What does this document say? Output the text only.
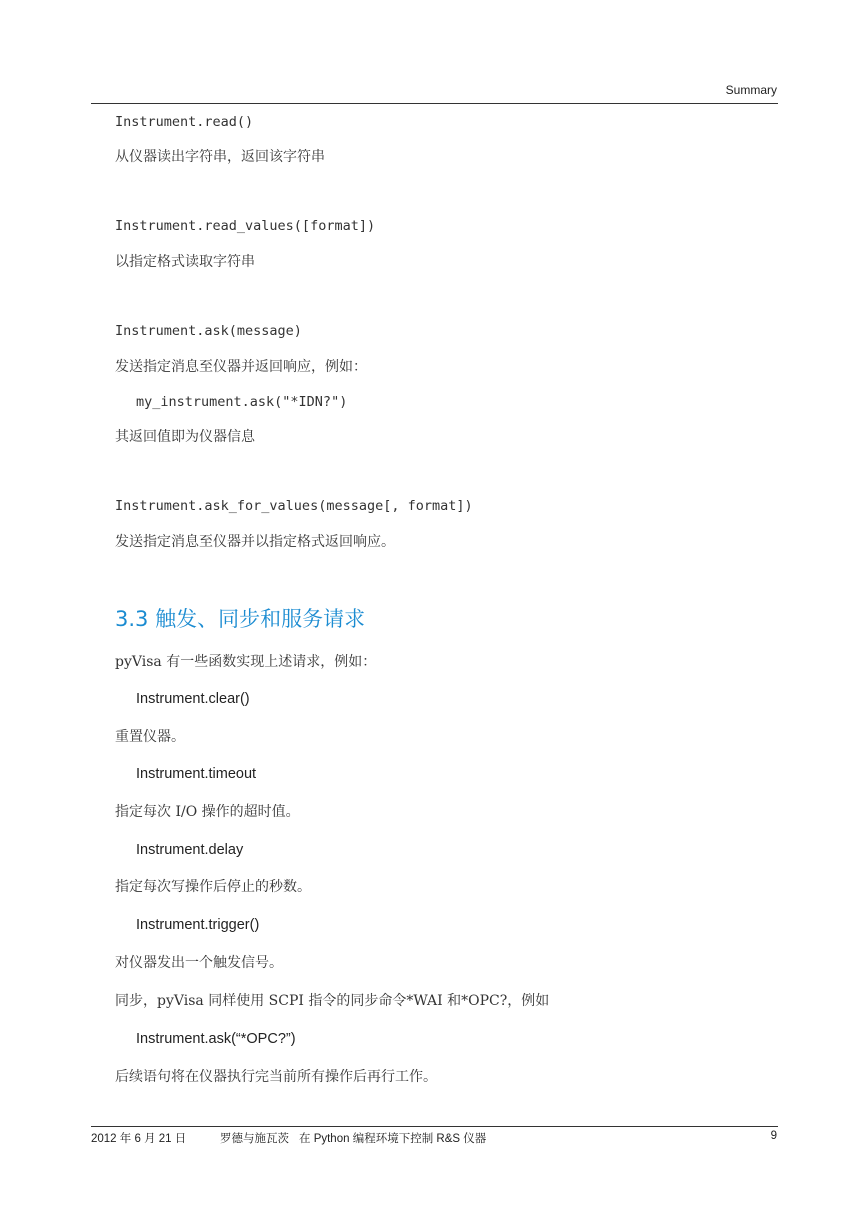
Summary
Instrument.read()
从仪器读出字符串，返回该字符串
Instrument.read_values([format])
以指定格式读取字符串
Instrument.ask(message)
发送指定消息至仪器并返回响应，例如：
my_instrument.ask("*IDN?")
其返回值即为仪器信息
Instrument.ask_for_values(message[, format])
发送指定消息至仪器并以指定格式返回响应。
3.3 触发、同步和服务请求
pyVisa 有一些函数实现上述请求，例如：
Instrument.clear()
重置仪器。
Instrument.timeout
指定每次 I/O 操作的超时值。
Instrument.delay
指定每次写操作后停止的秒数。
Instrument.trigger()
对仪器发出一个触发信号。
同步，pyVisa 同样使用 SCPI 指令的同步命令*WAI 和*OPC?，例如
Instrument.ask(“*OPC?”)
后续语句将在仪器执行完当前所有操作后再行工作。
2012 年 6 月 21 日	罗德与施瓦茨 在 Python 编程环境下控制 R&S 仪器	9
